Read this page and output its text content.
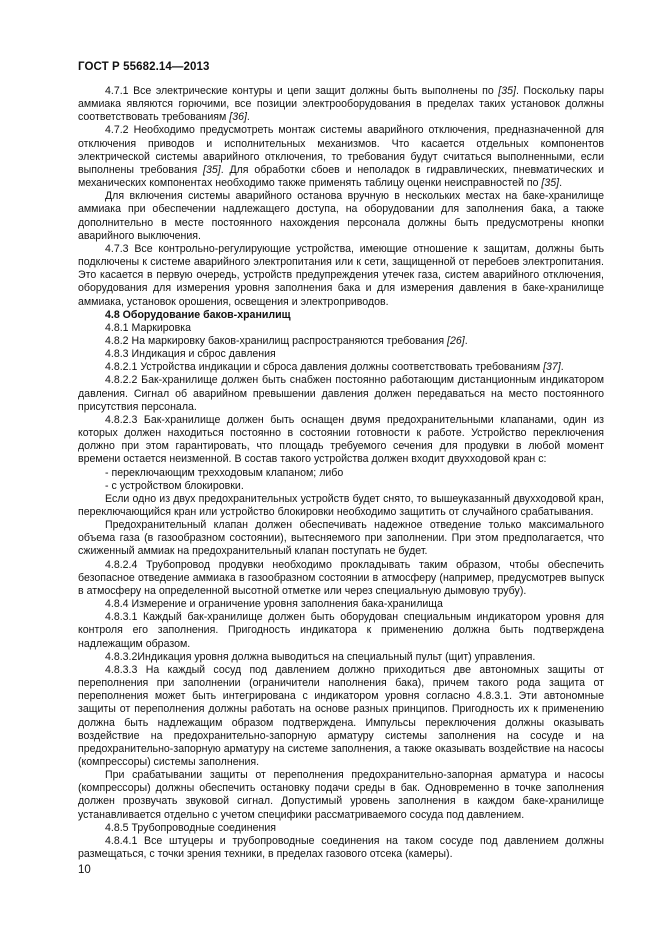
ГОСТ Р 55682.14—2013

4.7.1 Все электрические контуры и цепи защит должны быть выполнены по [35]. Поскольку пары аммиака являются горючими, все позиции электрооборудования в пределах таких установок должны соответствовать требованиям [36].

4.7.2 Необходимо предусмотреть монтаж системы аварийного отключения, предназначенной для отключения приводов и исполнительных механизмов. Что касается отдельных компонентов электрической системы аварийного отключения, то требования будут считаться выполненными, если выполнены требования [35]. Для обработки сбоев и неполадок в гидравлических, пневматических и механических компонентах необходимо также применять таблицу оценки неисправностей по [35].

Для включения системы аварийного останова вручную в нескольких местах на баке-хранилище аммиака при обеспечении надлежащего доступа, на оборудовании для заполнения бака, а также дополнительно в месте постоянного нахождения персонала должны быть предусмотрены кнопки аварийного выключения.

4.7.3 Все контрольно-регулирующие устройства, имеющие отношение к защитам, должны быть подключены к системе аварийного электропитания или к сети, защищенной от перебоев электропитания. Это касается в первую очередь, устройств предупреждения утечек газа, систем аварийного отключения, оборудования для измерения уровня заполнения бака и для измерения давления в баке-хранилище аммиака, установок орошения, освещения и электроприводов.

4.8 Оборудование баков-хранилищ

4.8.1 Маркировка

4.8.2 На маркировку баков-хранилищ распространяются требования [26].

4.8.3 Индикация и сброс давления

4.8.2.1 Устройства индикации и сброса давления должны соответствовать требованиям [37].

4.8.2.2 Бак-хранилище должен быть снабжен постоянно работающим дистанционным индикатором давления. Сигнал об аварийном превышении давления должен передаваться на место постоянного присутствия персонала.

4.8.2.3 Бак-хранилище должен быть оснащен двумя предохранительными клапанами, один из которых должен находиться постоянно в состоянии готовности к работе. Устройство переключения должно при этом гарантировать, что площадь требуемого сечения для продувки в любой момент времени остается неизменной. В состав такого устройства должен входит двухходовой кран с:

- переключающим трехходовым клапаном; либо

- с устройством блокировки.

Если одно из двух предохранительных устройств будет снято, то вышеуказанный двухходовой кран, переключающийся кран или устройство блокировки необходимо защитить от случайного срабатывания.

Предохранительный клапан должен обеспечивать надежное отведение только максимального объема газа (в газообразном состоянии), вытесняемого при заполнении. При этом предполагается, что сжиженный аммиак на предохранительный клапан поступать не будет.

4.8.2.4 Трубопровод продувки необходимо прокладывать таким образом, чтобы обеспечить безопасное отведение аммиака в газообразном состоянии в атмосферу (например, предусмотрев выпуск в атмосферу на определенной высотной отметке или через специальную дымовую трубу).

4.8.4 Измерение и ограничение уровня заполнения бака-хранилища

4.8.3.1 Каждый бак-хранилище должен быть оборудован специальным индикатором уровня для контроля его заполнения. Пригодность индикатора к применению должна быть подтверждена надлежащим образом.

4.8.3.2Индикация уровня должна выводиться на специальный пульт (щит) управления.

4.8.3.3 На каждый сосуд под давлением должно приходиться две автономных защиты от переполнения при заполнении (ограничители наполнения бака), причем такого рода защита от переполнения может быть интегрирована с индикатором уровня согласно 4.8.3.1. Эти автономные защиты от переполнения должны работать на основе разных принципов. Пригодность их к применению должна быть надлежащим образом подтверждена. Импульсы переключения должны оказывать воздействие на предохранительно-запорную арматуру системы заполнения на сосуде и на предохранительно-запорную арматуру на системе заполнения, а также оказывать воздействие на насосы (компрессоры) системы заполнения.

При срабатывании защиты от переполнения предохранительно-запорная арматура и насосы (компрессоры) должны обеспечить остановку подачи среды в бак. Одновременно в точке заполнения должен прозвучать звуковой сигнал. Допустимый уровень заполнения в каждом баке-хранилище устанавливается отдельно с учетом специфики рассматриваемого сосуда под давлением.

4.8.5 Трубопроводные соединения

4.8.4.1 Все штуцеры и трубопроводные соединения на таком сосуде под давлением должны размещаться, с точки зрения техники, в пределах газового отсека (камеры).

10
